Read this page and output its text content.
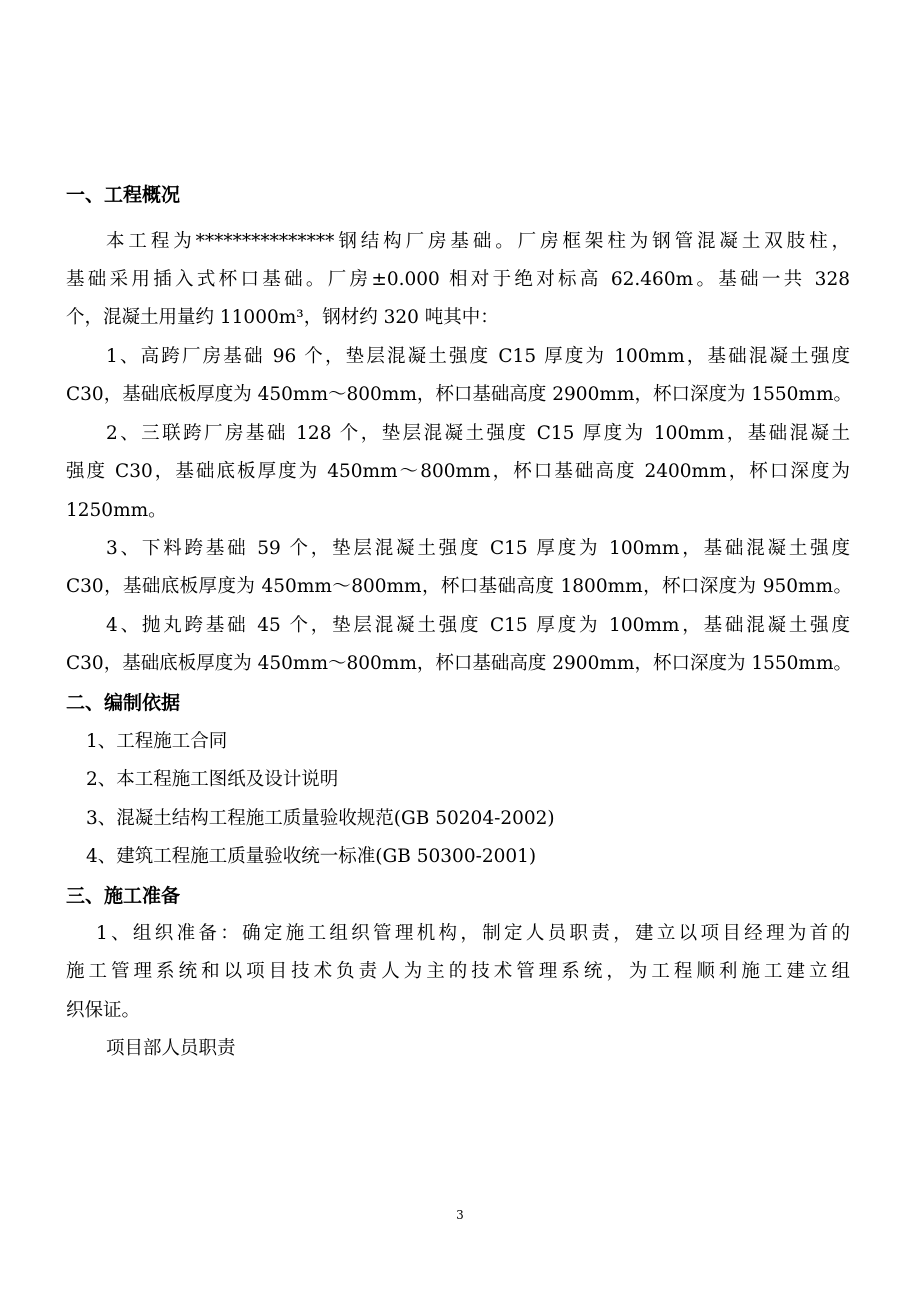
一、工程概况
本工程为***************钢结构厂房基础。厂房框架柱为钢管混凝土双肢柱，
基础采用插入式杯口基础。厂房±0.000 相对于绝对标高 62.460m。基础一共 328
个，混凝土用量约 11000m³，钢材约 320 吨其中：
1、高跨厂房基础 96 个，垫层混凝土强度 C15 厚度为 100mm，基础混凝土强度
C30，基础底板厚度为 450mm～800mm，杯口基础高度 2900mm，杯口深度为 1550mm。
2、三联跨厂房基础 128 个，垫层混凝土强度 C15 厚度为 100mm，基础混凝土
强度 C30，基础底板厚度为 450mm～800mm，杯口基础高度 2400mm，杯口深度为
1250mm。
3、下料跨基础 59 个，垫层混凝土强度 C15 厚度为 100mm，基础混凝土强度
C30，基础底板厚度为 450mm～800mm，杯口基础高度 1800mm，杯口深度为 950mm。
4、抛丸跨基础 45 个，垫层混凝土强度 C15 厚度为 100mm，基础混凝土强度
C30，基础底板厚度为 450mm～800mm，杯口基础高度 2900mm，杯口深度为 1550mm。
二、编制依据
1、工程施工合同
2、本工程施工图纸及设计说明
3、混凝土结构工程施工质量验收规范(GB 50204-2002)
4、建筑工程施工质量验收统一标准(GB 50300-2001)
三、施工准备
1、组织准备：确定施工组织管理机构，制定人员职责，建立以项目经理为首的
施工管理系统和以项目技术负责人为主的技术管理系统，为工程顺利施工建立组
织保证。
项目部人员职责
3
